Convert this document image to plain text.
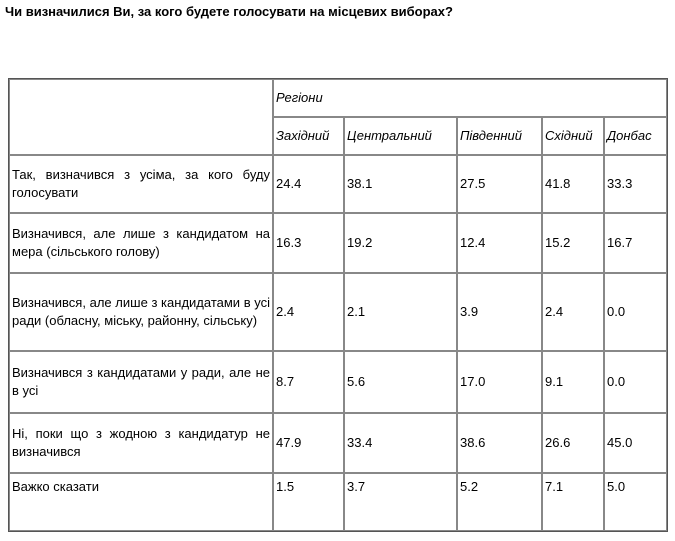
Чи визначилися Ви, за кого будете голосувати на місцевих виборах?
	Регіони				
	Західний	Центральний	Південний	Східний	Донбас
Так, визначився з усіма, за кого буду голосувати	24.4	38.1	27.5	41.8	33.3
Визначився, але лише з кандидатом на мера (сільського голову)	16.3	19.2	12.4	15.2	16.7
Визначився, але лише з кандидатами в усі ради (обласну, міську, районну, сільську)	2.4	2.1	3.9	2.4	0.0
Визначився з кандидатами у ради, але не в усі	8.7	5.6	17.0	9.1	0.0
Ні, поки що з жодною з кандидатур не визначився	47.9	33.4	38.6	26.6	45.0
Важко сказати	1.5	3.7	5.2	7.1	5.0
